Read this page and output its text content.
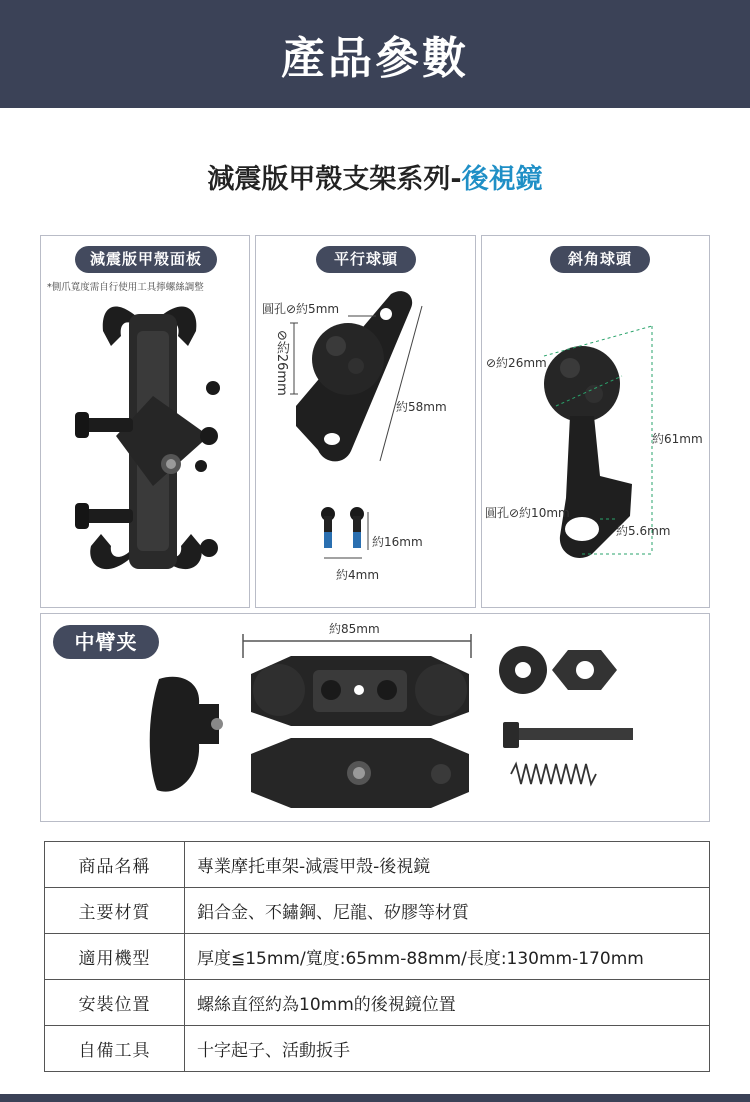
產品參數
減震版甲殼支架系列-後視鏡
減震版甲殼面板
*側爪寬度需自行使用工具擰螺絲調整
平行球頭
圓孔⊘約5mm
⊘約26mm
約58mm
約16mm
約4mm
斜角球頭
⊘約26mm
約61mm
圓孔⊘約10mm
約5.6mm
中臂夹
約85mm
商品名稱	專業摩托車架-減震甲殼-後視鏡
主要材質	鋁合金、不鏽鋼、尼龍、矽膠等材質
適用機型	厚度≦15mm/寬度:65mm-88mm/長度:130mm-170mm
安裝位置	螺絲直徑約為10mm的後視鏡位置
自備工具	十字起子、活動扳手
